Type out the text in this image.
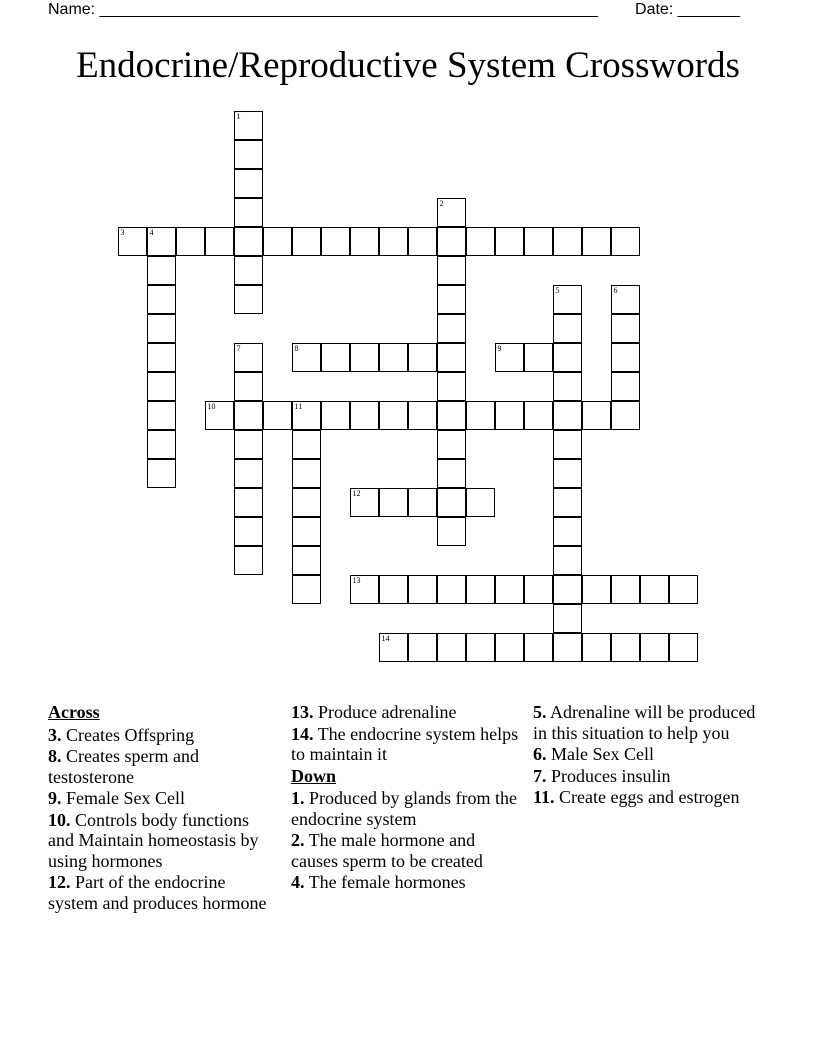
Name: ________________________________________________________ Date: _______
Endocrine/Reproductive System Crosswords
1
2
3	4
5	6
7	8	9
10	11
12
13
14
Across
3. Creates Offspring
8. Creates sperm and testosterone
9. Female Sex Cell
10. Controls body functions and Maintain homeostasis by using hormones
12. Part of the endocrine system and produces hormone
13. Produce adrenaline
14. The endocrine system helps to maintain it
Down
1. Produced by glands from the endocrine system
2. The male hormone and causes sperm to be created
4. The female hormones
5. Adrenaline will be produced in this situation to help you
6. Male Sex Cell
7. Produces insulin
11. Create eggs and estrogen
